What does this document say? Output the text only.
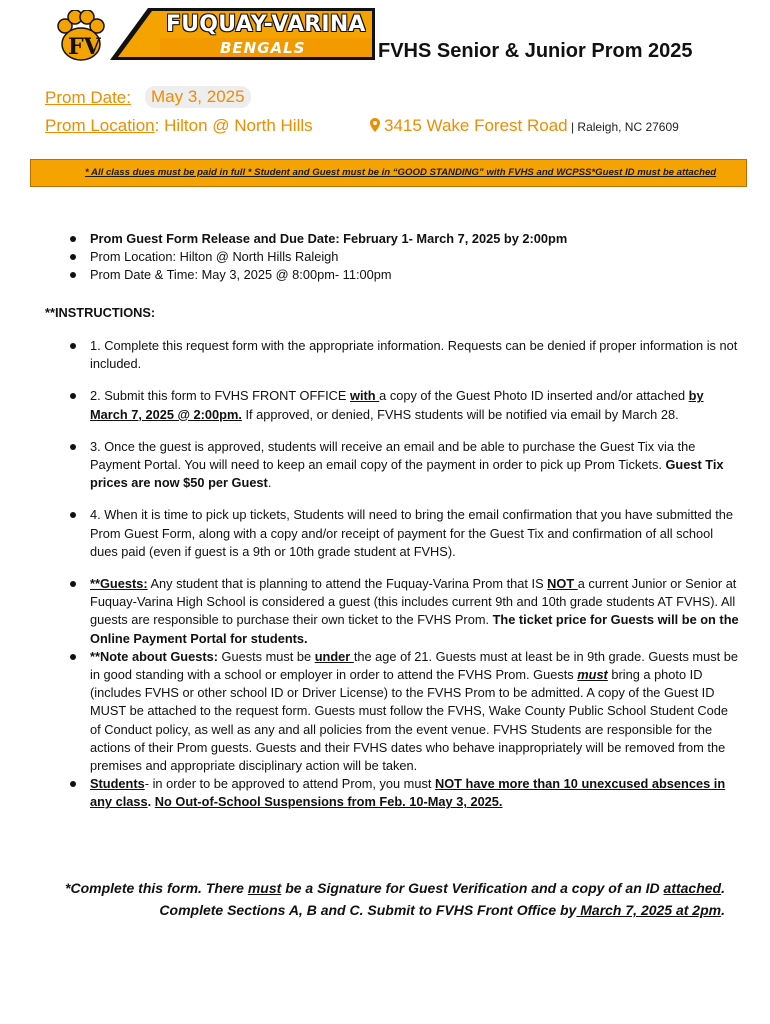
FV
FUQUAY-VARINA
BENGALS	FVHS Senior & Junior Prom 2025
Prom Date:	May 3, 2025
Prom Location: Hilton @ North Hills	3415 Wake Forest Road | Raleigh, NC 27609
* All class dues must be paid in full * Student and Guest must be in “GOOD STANDING” with FVHS and WCPSS*Guest ID must be attached
Prom Guest Form Release and Due Date: February 1- March 7, 2025 by 2:00pm
Prom Location: Hilton @ North Hills Raleigh
Prom Date & Time: May 3, 2025 @ 8:00pm- 11:00pm
**INSTRUCTIONS:
1. Complete this request form with the appropriate information. Requests can be denied if proper information is not included.
2. Submit this form to FVHS FRONT OFFICE with a copy of the Guest Photo ID inserted and/or attached by March 7, 2025 @ 2:00pm. If approved, or denied, FVHS students will be notified via email by March 28.
3. Once the guest is approved, students will receive an email and be able to purchase the Guest Tix via the Payment Portal. You will need to keep an email copy of the payment in order to pick up Prom Tickets. Guest Tix prices are now $50 per Guest.
4. When it is time to pick up tickets, Students will need to bring the email confirmation that you have submitted the Prom Guest Form, along with a copy and/or receipt of payment for the Guest Tix and confirmation of all school dues paid (even if guest is a 9th or 10th grade student at FVHS).
**Guests: Any student that is planning to attend the Fuquay-Varina Prom that IS NOT a current Junior or Senior at Fuquay-Varina High School is considered a guest (this includes current 9th and 10th grade students AT FVHS). All guests are responsible to purchase their own ticket to the FVHS Prom. The ticket price for Guests will be on the Online Payment Portal for students.
**Note about Guests: Guests must be under the age of 21. Guests must at least be in 9th grade. Guests must be in good standing with a school or employer in order to attend the FVHS Prom. Guests must bring a photo ID (includes FVHS or other school ID or Driver License) to the FVHS Prom to be admitted. A copy of the Guest ID MUST be attached to the request form. Guests must follow the FVHS, Wake County Public School Student Code of Conduct policy, as well as any and all policies from the event venue. FVHS Students are responsible for the actions of their Prom guests. Guests and their FVHS dates who behave inappropriately will be removed from the premises and appropriate disciplinary action will be taken.
Students- in order to be approved to attend Prom, you must NOT have more than 10 unexcused absences in any class. No Out-of-School Suspensions from Feb. 10-May 3, 2025.
*Complete this form. There must be a Signature for Guest Verification and a copy of an ID attached.
Complete Sections A, B and C. Submit to FVHS Front Office by March 7, 2025 at 2pm.
